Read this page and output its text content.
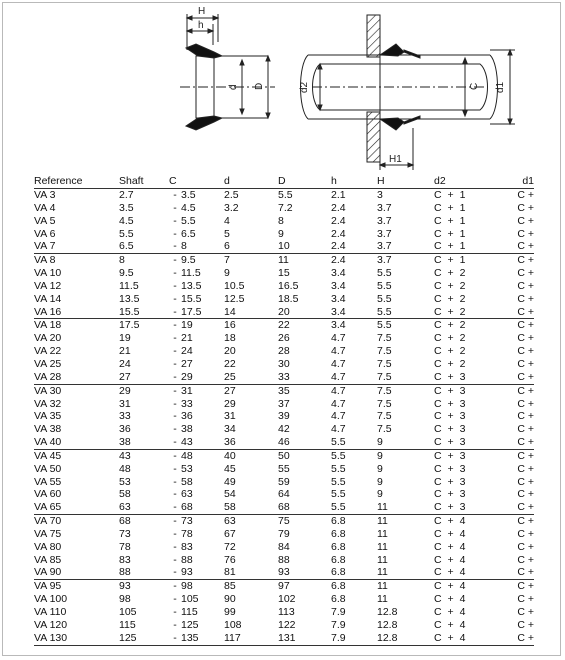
H
h
d D	d2	C d1
H1
Reference	Shaft	C	d	D	h	H	d2	d1
VA 3	2.7	- 3.5	2.5	5.5	2.1	3	C + 1	C +
VA 4	3.5	- 4.5	3.2	7.2	2.4	3.7	C + 1	C +
VA 5	4.5	- 5.5	4	8	2.4	3.7	C + 1	C +
VA 6	5.5	- 6.5	5	9	2.4	3.7	C + 1	C +
VA 7	6.5	- 8	6	10	2.4	3.7	C + 1	C +
VA 8	8	- 9.5	7	11	2.4	3.7	C + 1	C +
VA 10	9.5	- 11.5	9	15	3.4	5.5	C + 2	C +
VA 12	11.5	- 13.5	10.5	16.5	3.4	5.5	C + 2	C +
VA 14	13.5	- 15.5	12.5	18.5	3.4	5.5	C + 2	C +
VA 16	15.5	- 17.5	14	20	3.4	5.5	C + 2	C +
VA 18	17.5	- 19	16	22	3.4	5.5	C + 2	C +
VA 20	19	- 21	18	26	4.7	7.5	C + 2	C +
VA 22	21	- 24	20	28	4.7	7.5	C + 2	C +
VA 25	24	- 27	22	30	4.7	7.5	C + 2	C +
VA 28	27	- 29	25	33	4.7	7.5	C + 3	C +
VA 30	29	- 31	27	35	4.7	7.5	C + 3	C +
VA 32	31	- 33	29	37	4.7	7.5	C + 3	C +
VA 35	33	- 36	31	39	4.7	7.5	C + 3	C +
VA 38	36	- 38	34	42	4.7	7.5	C + 3	C +
VA 40	38	- 43	36	46	5.5	9	C + 3	C +
VA 45	43	- 48	40	50	5.5	9	C + 3	C +
VA 50	48	- 53	45	55	5.5	9	C + 3	C +
VA 55	53	- 58	49	59	5.5	9	C + 3	C +
VA 60	58	- 63	54	64	5.5	9	C + 3	C +
VA 65	63	- 68	58	68	5.5	11	C + 3	C +
VA 70	68	- 73	63	75	6.8	11	C + 4	C +
VA 75	73	- 78	67	79	6.8	11	C + 4	C +
VA 80	78	- 83	72	84	6.8	11	C + 4	C +
VA 85	83	- 88	76	88	6.8	11	C + 4	C +
VA 90	88	- 93	81	93	6.8	11	C + 4	C +
VA 95	93	- 98	85	97	6.8	11	C + 4	C +
VA 100	98	- 105	90	102	6.8	11	C + 4	C +
VA 110	105	- 115	99	113	7.9	12.8	C + 4	C +
VA 120	115	- 125	108	122	7.9	12.8	C + 4	C +
VA 130	125	- 135	117	131	7.9	12.8	C + 4	C +
